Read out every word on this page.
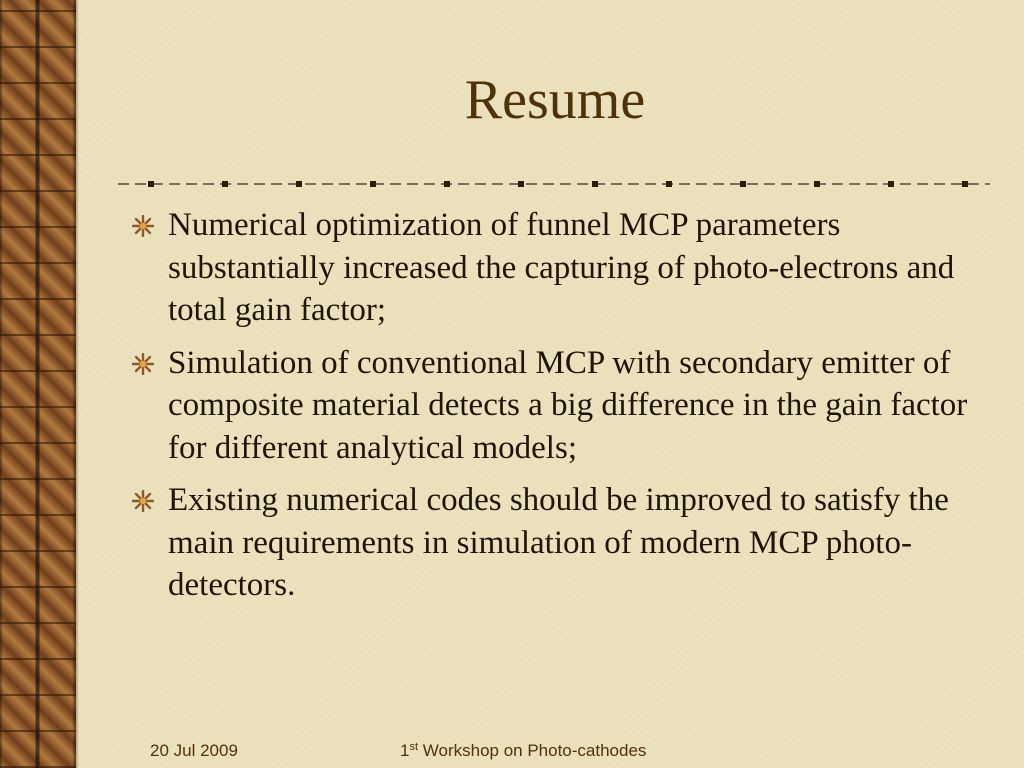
Resume
Numerical optimization of funnel MCP parameters substantially increased the capturing of photo-electrons and total gain factor;
Simulation of conventional MCP with secondary emitter of composite material detects a big difference in the gain factor for different analytical models;
Existing numerical codes should be improved to satisfy the main requirements in simulation of modern MCP photo-detectors.
20 Jul 2009	1st Workshop on Photo-cathodes
